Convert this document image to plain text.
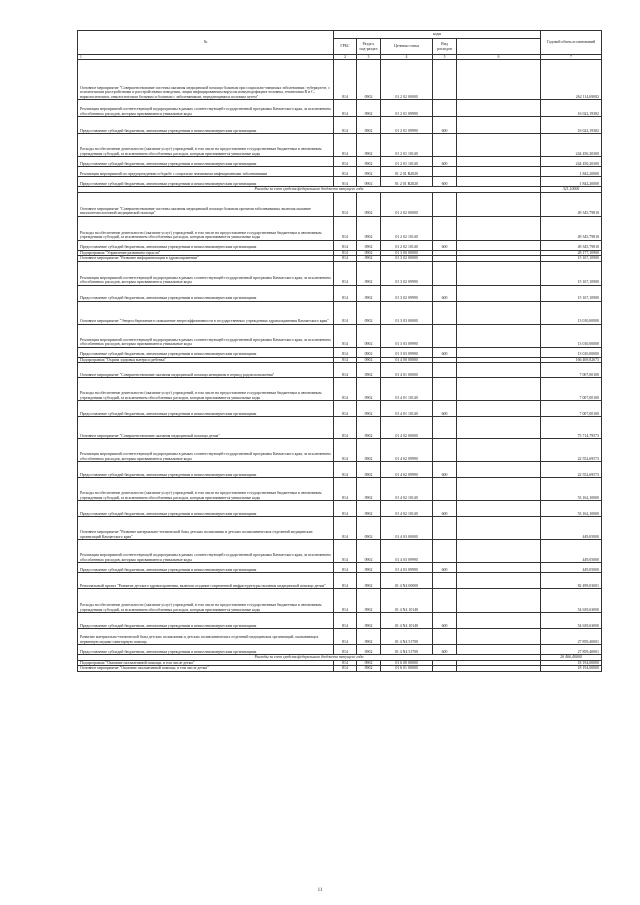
№	коды					Годовой объем ассигнований
	ГРБС	Раздел, под-раздел	Целевая статья	Вид расходов		
1	2	3	4	5	6	7
Основное мероприятие "Совершенствование системы оказания медицинской помощи больным при социально-значимых заболеваниях: туберкулезе, с психическими расстройствами и расстройствами поведения, лицам инфицированным вирусом иммунодефицита человека, гепатитами B и C, наркологическим, онкологическим больным и больным с заболеваниями, передающимися половым путем"	814	0902	01 2 02 00000			262 114,69082
Реализация мероприятий соответствующей подпрограммы в рамках соответствующей государственной программы Камчатского края, за исключением обособленных расходов, которым присваиваются уникальные коды	814	0902	01 2 01 09990			16 022,19382
Предоставление субсидий бюджетным, автономным учреждениям и иным некоммерческим организациям	814	0902	01 2 01 09990	600		16 022,19382
Расходы на обеспечение деятельности (оказание услуг) учреждений, в том числе на предоставление государственным бюджетным и автономным учреждениям субсидий, за исключением обособленных расходов, которым присваиваются уникальные коды	814	0902	01 2 01 10140			244 450,20300
Предоставление субсидий бюджетным, автономным учреждениям и иным некоммерческим организациям	814	0902	01 2 01 10140	600		244 450,20300
Реализация мероприятий по предупреждению и борьбе с социально значимыми инфекционными заболеваниями	814	0902	01 2 01 R2020			1 842,20000
Предоставление субсидий бюджетным, автономным учреждениям и иным некоммерческим организациям	814	0902	01 2 01 R2020	600		1 842,20000
Расходы за счет средств федерального бюджета текущего года						321,10000
Основное мероприятие "Совершенствование системы оказания медицинской помощи больным прочими заболеваниями, включая оказание высокотехнологичной медицинской помощи"	814	0902	01 2 02 00000			49 345,79810
Расходы на обеспечение деятельности (оказание услуг) учреждений, в том числе на предоставление государственным бюджетным и автономным учреждениям субсидий, за исключением обособленных расходов, которым присваиваются уникальные коды	814	0902	01 2 02 10140			49 345,79810
Предоставление субсидий бюджетным, автономным учреждениям и иным некоммерческим организациям	814	0902	01 2 02 10140	600		49 345,79810
Подпрограмма "Управление развитием отрасли"	814	0902	01 3 00 00000			28 177,10900
Основное мероприятие "Развитие информатизации в здравоохранении"	814	0902	01 3 02 00000			15 167,10900
Реализация мероприятий соответствующей подпрограммы в рамках соответствующей государственной программы Камчатского края, за исключением обособленных расходов, которым присваиваются уникальные коды	814	0902	01 3 02 09990			15 167,10900
Предоставление субсидий бюджетным, автономным учреждениям и иным некоммерческим организациям	814	0902	01 3 02 09990	600		15 167,10900
Основное мероприятие "Энергосбережение и повышение энергоэффективности в государственных учреждениях здравоохранения Камчатского края"	814	0902	01 3 03 00000			13 010,00000
Реализация мероприятий соответствующей подпрограммы в рамках соответствующей государственной программы Камчатского края, за исключением обособленных расходов, которым присваиваются уникальные коды	814	0902	01 3 03 09990			13 010,00000
Предоставление субсидий бюджетным, автономным учреждениям и иным некоммерческим организациям	814	0902	01 3 03 09990	600		13 010,00000
Подпрограмма "Охрана здоровья матери и ребенка"	814	0902	01 4 00 00000			166 469,82673
Основное мероприятие "Совершенствование оказания медицинской помощи женщинам в период родовспоможения"	814	0902	01 4 01 00000			7 007,00100
Расходы на обеспечение деятельности (оказание услуг) учреждений, в том числе на предоставление государственным бюджетным и автономным учреждениям субсидий, за исключением обособленных расходов, которым присваиваются уникальные коды	814	0902	01 4 01 10140			7 007,00100
Предоставление субсидий бюджетным, автономным учреждениям и иным некоммерческим организациям	814	0902	01 4 01 10140	600		7 007,00100
Основное мероприятие "Совершенствование оказания медицинской помощи детям"	814	0902	01 4 02 00000			75 714,79573
Реализация мероприятий соответствующей подпрограммы в рамках соответствующей государственной программы Камчатского края, за исключением обособленных расходов, которым присваиваются уникальные коды	814	0902	01 4 02 09990			22 552,69573
Предоставление субсидий бюджетным, автономным учреждениям и иным некоммерческим организациям	814	0902	01 4 02 09990	600		22 552,69573
Расходы на обеспечение деятельности (оказание услуг) учреждений, в том числе на предоставление государственным бюджетным и автономным учреждениям субсидий, за исключением обособленных расходов, которым присваиваются уникальные коды	814	0902	01 4 02 10140			53 162,10000
Предоставление субсидий бюджетным, автономным учреждениям и иным некоммерческим организациям	814	0902	01 4 02 10140	600		53 162,10000
Основное мероприятие "Развитие материально-технической базы детских поликлиник и детских поликлинических отделений медицинских организаций Камчатского края"	814	0902	01 4 03 00000			449,05000
Реализация мероприятий соответствующей подпрограммы в рамках соответствующей государственной программы Камчатского края, за исключением обособленных расходов, которым присваиваются уникальные коды	814	0902	01 4 03 09990			449,05000
Предоставление субсидий бюджетным, автономным учреждениям и иным некоммерческим организациям	814	0902	01 4 03 09990	600		449,05000
Региональный проект "Развитие детского здравоохранения, включая создание современной инфраструктуры оказания медицинской помощи детям"	814	0902	01 4 N4 00000			82 499,03001
Расходы на обеспечение деятельности (оказание услуг) учреждений, в том числе на предоставление государственным бюджетным и автономным учреждениям субсидий, за исключением обособленных расходов, которым присваиваются уникальные коды	814	0902	01 4 N4 10140			54 639,63000
Предоставление субсидий бюджетным, автономным учреждениям и иным некоммерческим организациям	814	0902	01 4 N4 10140	600		54 639,63000
Развитие материально-технической базы детских поликлиник и детских поликлинических отделений медицинских организаций, оказывающих первичную медико-санитарную помощь	814	0902	01 4 N4 51700			27 859,40001
Предоставление субсидий бюджетным, автономным учреждениям и иным некоммерческим организациям	814	0902	01 4 N4 51700	600		27 859,40001
Расходы за счет средств федерального бюджета текущего года						26 466,40000
Подпрограмма "Оказание паллиативной помощи, в том числе детям"	814	0902	01 6 00 00000			18 194,00000
Основное мероприятие "Оказание паллиативной помощи, в том числе детям"	814	0902	01 6 01 00000			18 194,00000
11
